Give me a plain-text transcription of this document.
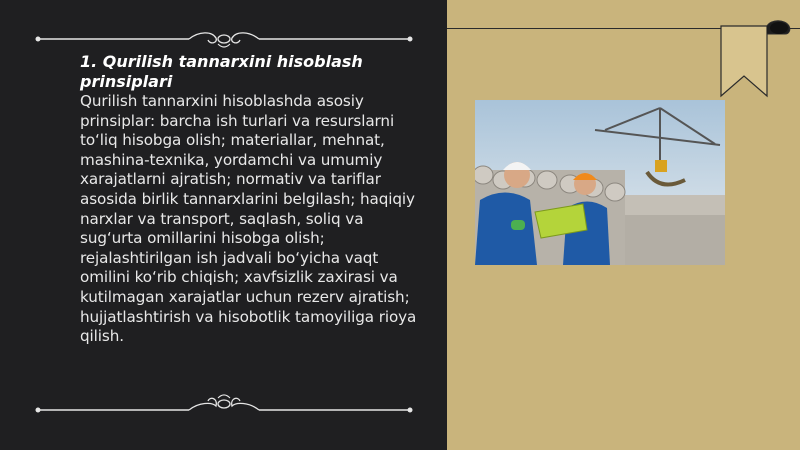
1. Qurilish tannarxini hisoblash prinsiplari
Qurilish tannarxini hisoblashda asosiy prinsiplar: barcha ish turlari va resurslarni to‘liq hisobga olish; materiallar, mehnat, mashina-texnika, yordamchi va umumiy xarajatlarni ajratish; normativ va tariflar asosida birlik tannarxlarini belgilash; haqiqiy narxlar va transport, saqlash, soliq va sug‘urta omillarini hisobga olish; rejalashtirilgan ish jadvali bo‘yicha vaqt omilini ko‘rib chiqish; xavfsizlik zaxirasi va kutilmagan xarajatlar uchun rezerv ajratish; hujjatlashtirish va hisobotlik tamoyiliga rioya qilish.
